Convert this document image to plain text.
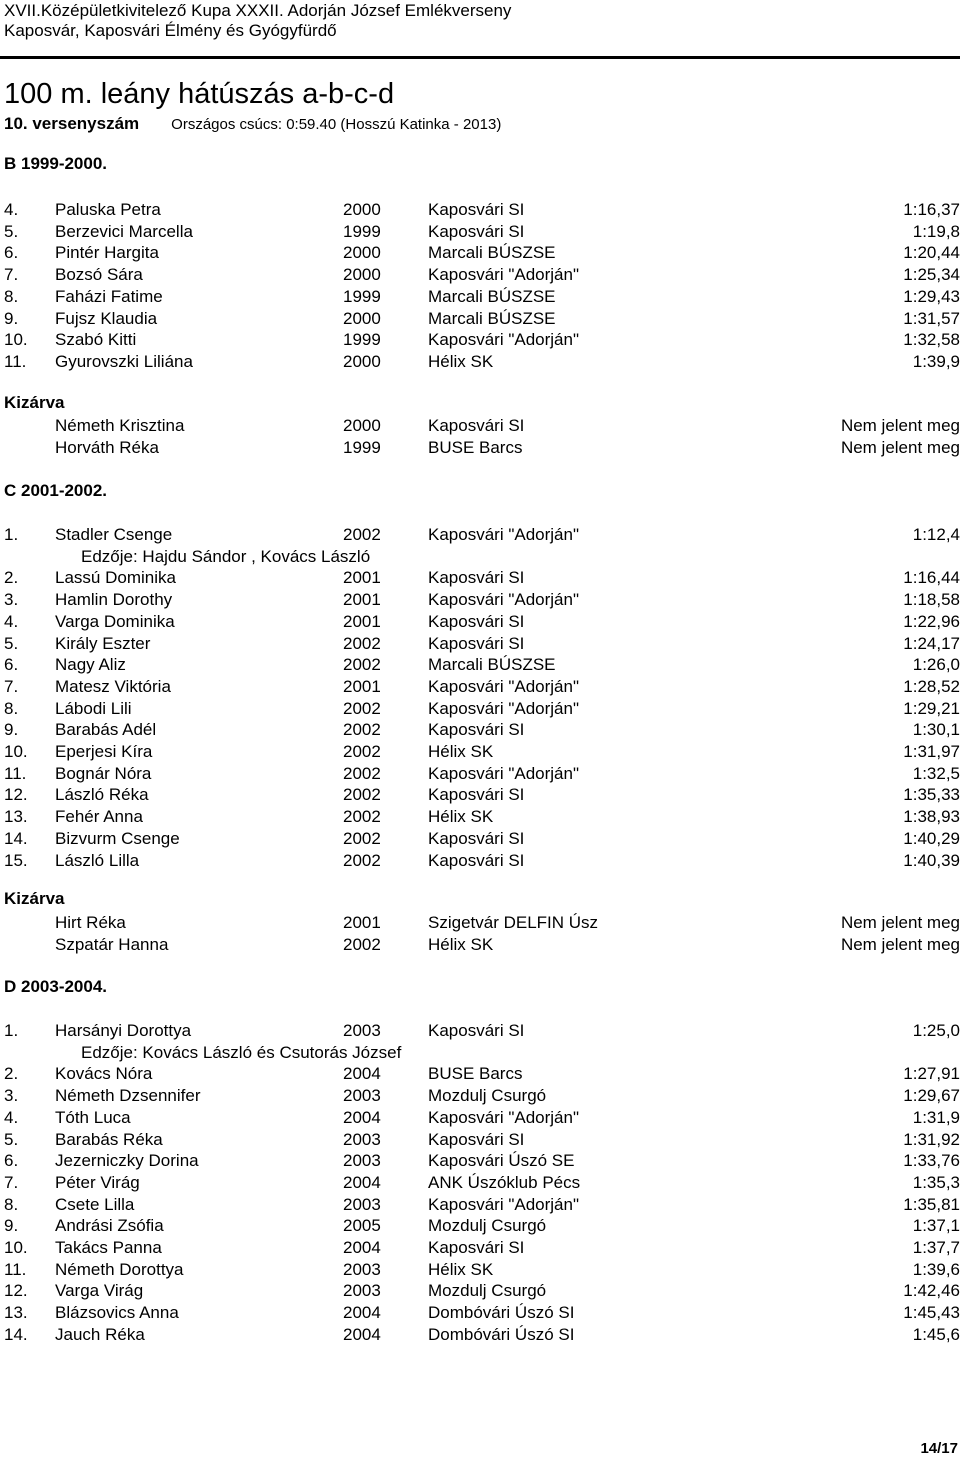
XVII.Középületkivitelező Kupa XXXII. Adorján József Emlékverseny
Kaposvár, Kaposvári Élmény és Gyógyfürdő
100 m. leány hátúszás a-b-c-d
10. versenyszám Országos csúcs: 0:59.40 (Hosszú Katinka - 2013)
B 1999-2000.
4. Paluska Petra	2000	Kaposvári SI	1:16,37
5. Berzevici Marcella	1999	Kaposvári SI	1:19,8
6. Pintér Hargita	2000	Marcali BÚSZSE	1:20,44
7. Bozsó Sára	2000	Kaposvári "Adorján"	1:25,34
8. Faházi Fatime	1999	Marcali BÚSZSE	1:29,43
9. Fujsz Klaudia	2000	Marcali BÚSZSE	1:31,57
10. Szabó Kitti	1999	Kaposvári "Adorján"	1:32,58
11. Gyurovszki Liliána	2000	Hélix SK	1:39,9
Kizárva
Németh Krisztina	2000	Kaposvári SI	Nem jelent meg
Horváth Réka	1999	BUSE Barcs	Nem jelent meg
C 2001-2002.
1. Stadler Csenge	2002	Kaposvári "Adorján"	1:12,4
Edzője: Hajdu Sándor , Kovács László
2. Lassú Dominika	2001	Kaposvári SI	1:16,44
3. Hamlin Dorothy	2001	Kaposvári "Adorján"	1:18,58
4. Varga Dominika	2001	Kaposvári SI	1:22,96
5. Király Eszter	2002	Kaposvári SI	1:24,17
6. Nagy Aliz	2002	Marcali BÚSZSE	1:26,0
7. Matesz Viktória	2001	Kaposvári "Adorján"	1:28,52
8. Lábodi Lili	2002	Kaposvári "Adorján"	1:29,21
9. Barabás Adél	2002	Kaposvári SI	1:30,1
10. Eperjesi Kíra	2002	Hélix SK	1:31,97
11. Bognár Nóra	2002	Kaposvári "Adorján"	1:32,5
12. László Réka	2002	Kaposvári SI	1:35,33
13. Fehér Anna	2002	Hélix SK	1:38,93
14. Bizvurm Csenge	2002	Kaposvári SI	1:40,29
15. László Lilla	2002	Kaposvári SI	1:40,39
Kizárva
Hirt Réka	2001	Szigetvár DELFIN Úsz	Nem jelent meg
Szpatár Hanna	2002	Hélix SK	Nem jelent meg
D 2003-2004.
1. Harsányi Dorottya	2003	Kaposvári SI	1:25,0
Edzője: Kovács László és Csutorás József
2. Kovács Nóra	2004	BUSE Barcs	1:27,91
3. Németh Dzsennifer	2003	Mozdulj Csurgó	1:29,67
4. Tóth Luca	2004	Kaposvári "Adorján"	1:31,9
5. Barabás Réka	2003	Kaposvári SI	1:31,92
6. Jezerniczky Dorina	2003	Kaposvári Úszó SE	1:33,76
7. Péter Virág	2004	ANK Úszóklub Pécs	1:35,3
8. Csete Lilla	2003	Kaposvári "Adorján"	1:35,81
9. Andrási Zsófia	2005	Mozdulj Csurgó	1:37,1
10. Takács Panna	2004	Kaposvári SI	1:37,7
11. Németh Dorottya	2003	Hélix SK	1:39,6
12. Varga Virág	2003	Mozdulj Csurgó	1:42,46
13. Blázsovics Anna	2004	Dombóvári Úszó SI	1:45,43
14. Jauch Réka	2004	Dombóvári Úszó SI	1:45,6
14/17
